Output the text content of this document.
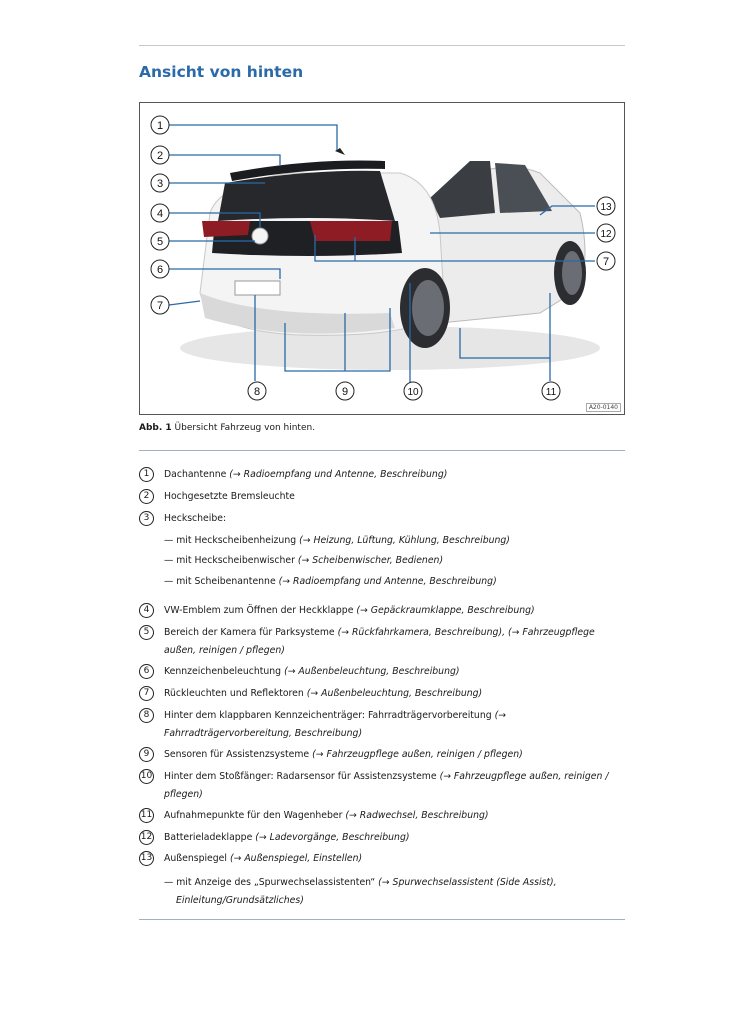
Ansicht von hinten
1
2
3
4
5
6
7
7
8	9	10	11
12
13
A20-0140
Abb. 1 Übersicht Fahrzeug von hinten.
1	Dachantenne (→ Radioempfang und Antenne, Beschreibung)
2	Hochgesetzte Bremsleuchte
3	Heckscheibe:
— mit Heckscheibenheizung (→ Heizung, Lüftung, Kühlung, Beschreibung)
— mit Heckscheibenwischer (→ Scheibenwischer, Bedienen)
— mit Scheibenantenne (→ Radioempfang und Antenne, Beschreibung)
4	VW-Emblem zum Öffnen der Heckklappe (→ Gepäckraumklappe, Beschreibung)
5	Bereich der Kamera für Parksysteme (→ Rückfahrkamera, Beschreibung), (→ Fahrzeugpflege
außen, reinigen / pflegen)
6	Kennzeichenbeleuchtung (→ Außenbeleuchtung, Beschreibung)
7	Rückleuchten und Reflektoren (→ Außenbeleuchtung, Beschreibung)
8	Hinter dem klappbaren Kennzeichenträger: Fahrradträgervorbereitung (→
Fahrradträgervorbereitung, Beschreibung)
9	Sensoren für Assistenzsysteme (→ Fahrzeugpflege außen, reinigen / pflegen)
10 Hinter dem Stoßfänger: Radarsensor für Assistenzsysteme (→ Fahrzeugpflege außen, reinigen /
pflegen)
11 Aufnahmepunkte für den Wagenheber (→ Radwechsel, Beschreibung)
12 Batterieladeklappe (→ Ladevorgänge, Beschreibung)
13 Außenspiegel (→ Außenspiegel, Einstellen)
— mit Anzeige des „Spurwechselassistenten“ (→ Spurwechselassistent (Side Assist),
Einleitung/Grundsätzliches)
